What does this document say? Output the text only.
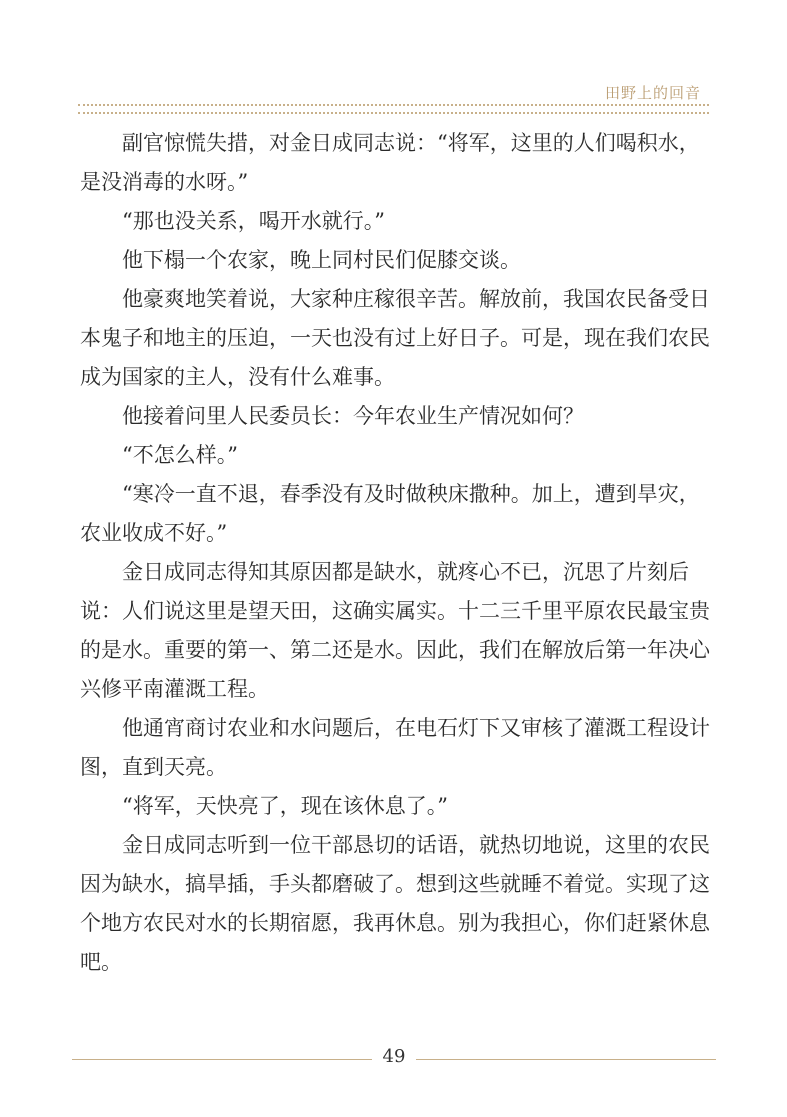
田野上的回音

副官惊慌失措，对金日成同志说：“将军，这里的人们喝积水，是没消毒的水呀。”

“那也没关系，喝开水就行。”

他下榻一个农家，晚上同村民们促膝交谈。

他豪爽地笑着说，大家种庄稼很辛苦。解放前，我国农民备受日本鬼子和地主的压迫，一天也没有过上好日子。可是，现在我们农民成为国家的主人，没有什么难事。

他接着问里人民委员长：今年农业生产情况如何？

“不怎么样。”

“寒冷一直不退，春季没有及时做秧床撒种。加上，遭到旱灾，农业收成不好。”

金日成同志得知其原因都是缺水，就疼心不已，沉思了片刻后说：人们说这里是望天田，这确实属实。十二三千里平原农民最宝贵的是水。重要的第一、第二还是水。因此，我们在解放后第一年决心兴修平南灌溉工程。

他通宵商讨农业和水问题后，在电石灯下又审核了灌溉工程设计图，直到天亮。

“将军，天快亮了，现在该休息了。”

金日成同志听到一位干部恳切的话语，就热切地说，这里的农民因为缺水，搞旱插，手头都磨破了。想到这些就睡不着觉。实现了这个地方农民对水的长期宿愿，我再休息。别为我担心，你们赶紧休息吧。

49
